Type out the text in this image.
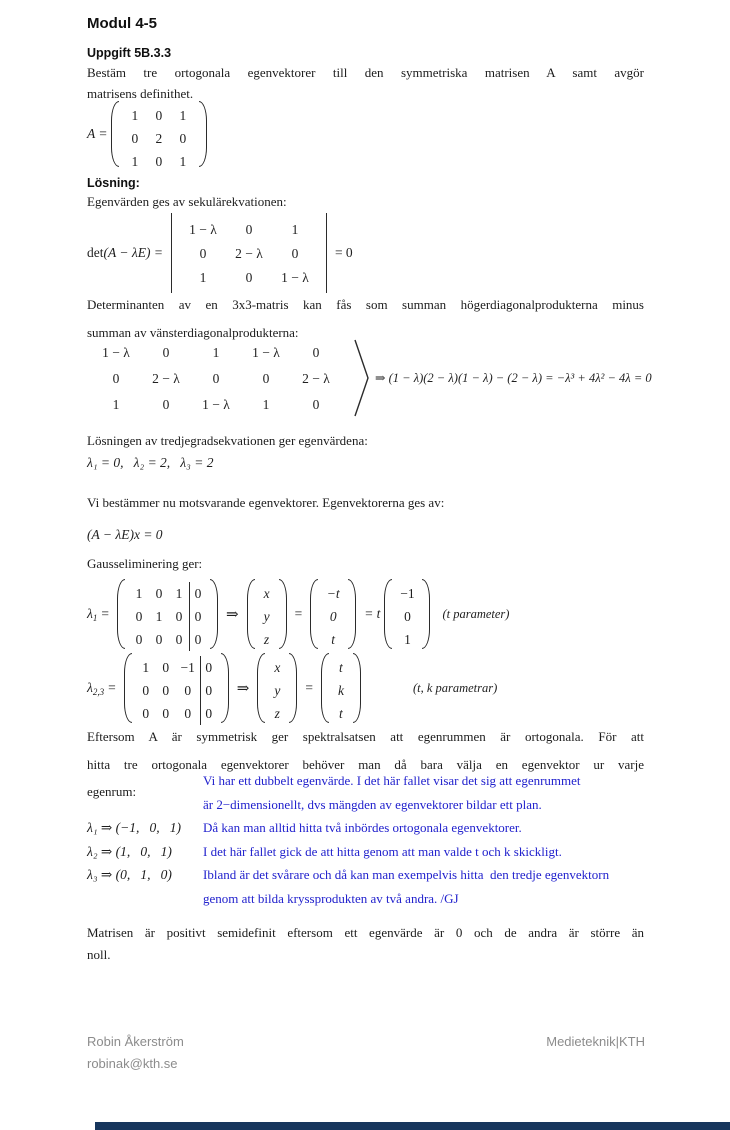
Modul 4-5
Uppgift 5B.3.3
Bestäm tre ortogonala egenvektorer till den symmetriska matrisen A samt avgör
matrisens definithet.
A =
1	0	1
0	2	0
1	0	1
Lösning:
Egenvärden ges av sekulärekvationen:
det (A − λE) =
1 − λ	0	1
0	2 − λ	0
1	0	1 − λ
= 0
Determinanten av en 3x3-matris kan fås som summan högerdiagonalprodukterna minus
summan av vänsterdiagonalprodukterna:
1 − λ	0	1	1 − λ	0
0	2 − λ	0	0	2 − λ
1	0	1 − λ	1	0
⇒ (1 − λ)(2 − λ)(1 − λ) − (2 − λ) = −λ³ + 4λ² − 4λ = 0
Lösningen av tredjegradsekvationen ger egenvärdena:
λ₁ = 0,   λ₂ = 2,   λ₃ = 2
Vi bestämmer nu motsvarande egenvektorer. Egenvektorerna ges av:
(A − λE)x = 0
Gausseliminering ger:
$\lambda_1$ =
1 0 1 0
0 1 0 0
0 0 0 0
⇒
x
y
z
=
−t
0
t
= t
−1
0
1
(t parameter)
$\lambda_{2,3}$ =
1 0 −1 0
0 0	0	0
0 0	0	0
⇒
x
y
z
=
t
k
t
(t, k parametrar)
Eftersom A är symmetrisk ger spektralsatsen att egenrummen är ortogonala. För att
hitta tre ortogonala egenvektorer behöver man då bara välja en egenvektor ur varje
egenrum:
Vi har ett dubbelt egenvärde. I det här fallet visar det sig att egenrummet
är 2−dimensionellt, dvs mängden av egenvektorer bildar ett plan.
Då kan man alltid hitta två inbördes ortogonala egenvektorer.
I det här fallet gick de att hitta genom att man valde t och k skickligt.
Ibland är det svårare och då kan man exempelvis hitta  den tredje egenvektorn
genom att bilda kryssprodukten av två andra. /GJ
λ₁ ⇒ (−1,   0,   1)
λ₂ ⇒ (1,   0,   1)
λ₃ ⇒ (0,   1,   0)
Matrisen är positivt semidefinit eftersom ett egenvärde är 0 och de andra är större än
noll.
Robin Åkerström
robinak@kth.se
Medieteknik|KTH
